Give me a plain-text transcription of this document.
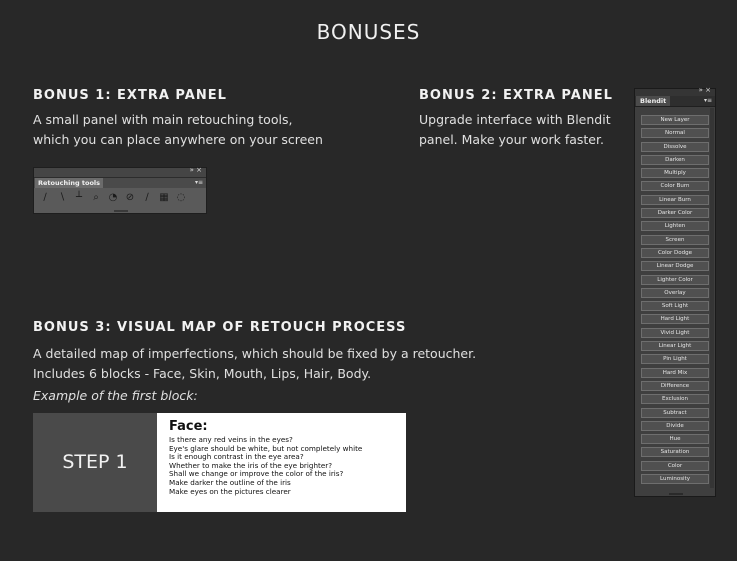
BONUSES
BONUS 1: EXTRA PANEL
A small panel with main retouching tools,
which you can place anywhere on your screen
» ×
Retouching tools	▾≡
∕	∖	┴	⌕ ◔ ⊘	∕	▦ ◌
BONUS 2: EXTRA PANEL
Upgrade interface with Blendit
panel. Make your work faster.
» ×
Blendit	▾≡
New Layer
Normal
Dissolve
Darken
Multiply
Color Burn
Linear Burn
Darker Color
Lighten
Screen
Color Dodge
Linear Dodge
Lighter Color
Overlay
Soft Light
Hard Light
Vivid Light
Linear Light
Pin Light
Hard Mix
Difference
Exclusion
Subtract
Divide
Hue
Saturation
Color
Luminosity
BONUS 3: VISUAL MAP OF RETOUCH PROCESS
A detailed map of imperfections, which should be fixed by a retoucher.
Includes 6 blocks - Face, Skin, Mouth, Lips, Hair, Body.
Example of the first block:
STEP 1
Face:
Is there any red veins in the eyes?
Eye's glare should be white, but not completely white
Is it enough contrast in the eye area?
Whether to make the iris of the eye brighter?
Shall we change or improve the color of the iris?
Make darker the outline of the iris
Make eyes on the pictures clearer
